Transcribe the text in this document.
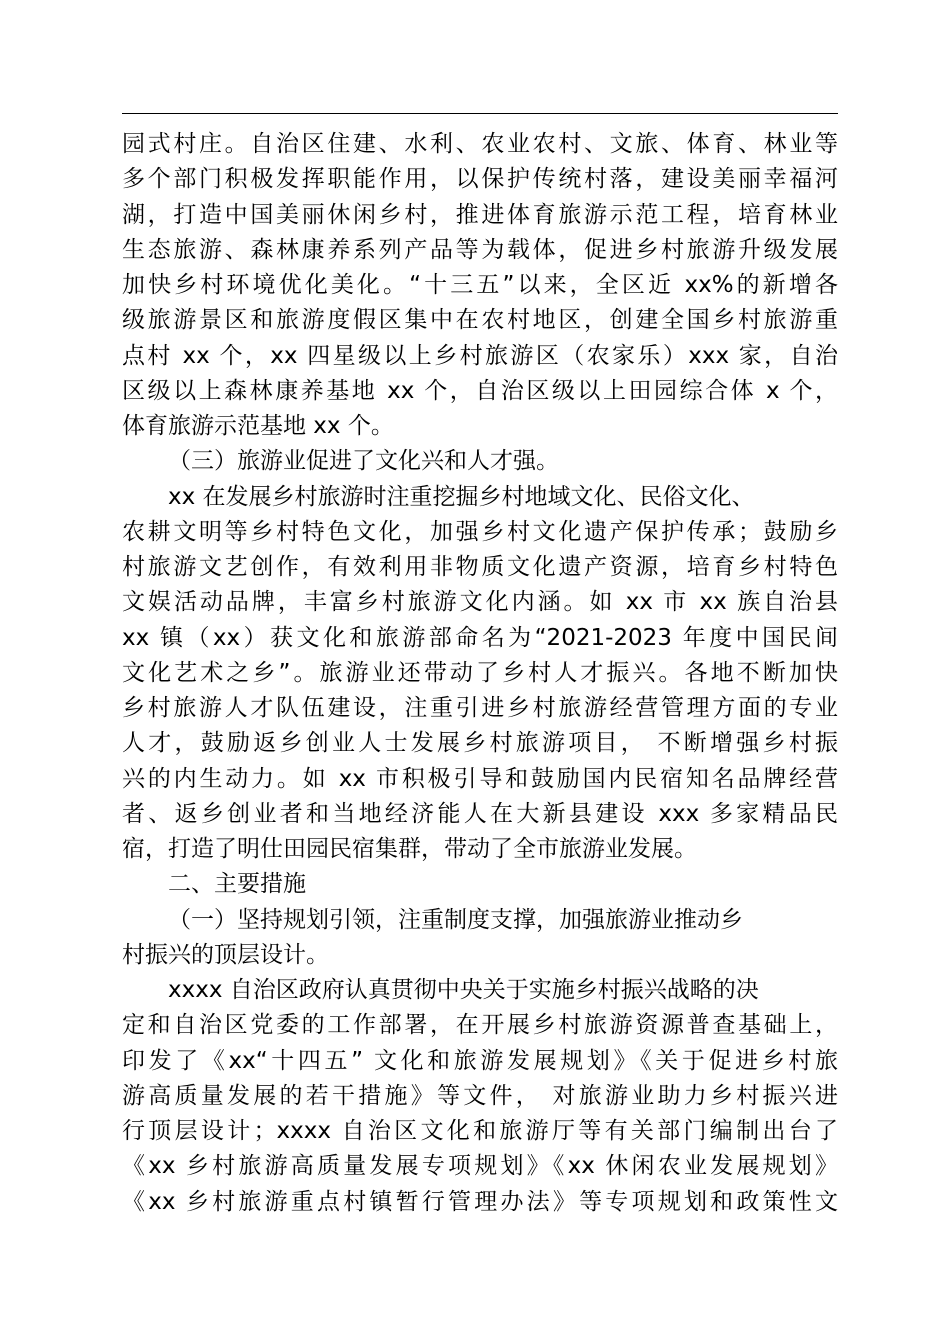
园式村庄。自治区住建、水利、农业农村、文旅、体育、林业等
多个部门积极发挥职能作用，以保护传统村落，建设美丽幸福河
湖，打造中国美丽休闲乡村，推进体育旅游示范工程，培育林业
生态旅游、森林康养系列产品等为载体，促进乡村旅游升级发展
加快乡村环境优化美化。“十三五”以来，全区近 xx%的新增各
级旅游景区和旅游度假区集中在农村地区，创建全国乡村旅游重
点村 xx 个，xx 四星级以上乡村旅游区（农家乐）xxx 家，自治
区级以上森林康养基地 xx 个，自治区级以上田园综合体 x 个，
体育旅游示范基地 xx 个。
（三）旅游业促进了文化兴和人才强。
xx 在发展乡村旅游时注重挖掘乡村地域文化、民俗文化、
农耕文明等乡村特色文化，加强乡村文化遗产保护传承；鼓励乡
村旅游文艺创作，有效利用非物质文化遗产资源，培育乡村特色
文娱活动品牌，丰富乡村旅游文化内涵。如 xx 市 xx 族自治县
xx 镇（xx）获文化和旅游部命名为“2021-2023 年度中国民间
文化艺术之乡”。旅游业还带动了乡村人才振兴。各地不断加快
乡村旅游人才队伍建设，注重引进乡村旅游经营管理方面的专业
人才，鼓励返乡创业人士发展乡村旅游项目， 不断增强乡村振
兴的内生动力。如 xx 市积极引导和鼓励国内民宿知名品牌经营
者、返乡创业者和当地经济能人在大新县建设 xxx 多家精品民
宿，打造了明仕田园民宿集群，带动了全市旅游业发展。
二、主要措施
（一）坚持规划引领，注重制度支撑，加强旅游业推动乡
村振兴的顶层设计。
xxxx 自治区政府认真贯彻中央关于实施乡村振兴战略的决
定和自治区党委的工作部署，在开展乡村旅游资源普查基础上，
印发了《xx“十四五” 文化和旅游发展规划》《关于促进乡村旅
游高质量发展的若干措施》等文件， 对旅游业助力乡村振兴进
行顶层设计；xxxx 自治区文化和旅游厅等有关部门编制出台了
《xx 乡村旅游高质量发展专项规划》《xx 休闲农业发展规划》
《xx 乡村旅游重点村镇暂行管理办法》等专项规划和政策性文
